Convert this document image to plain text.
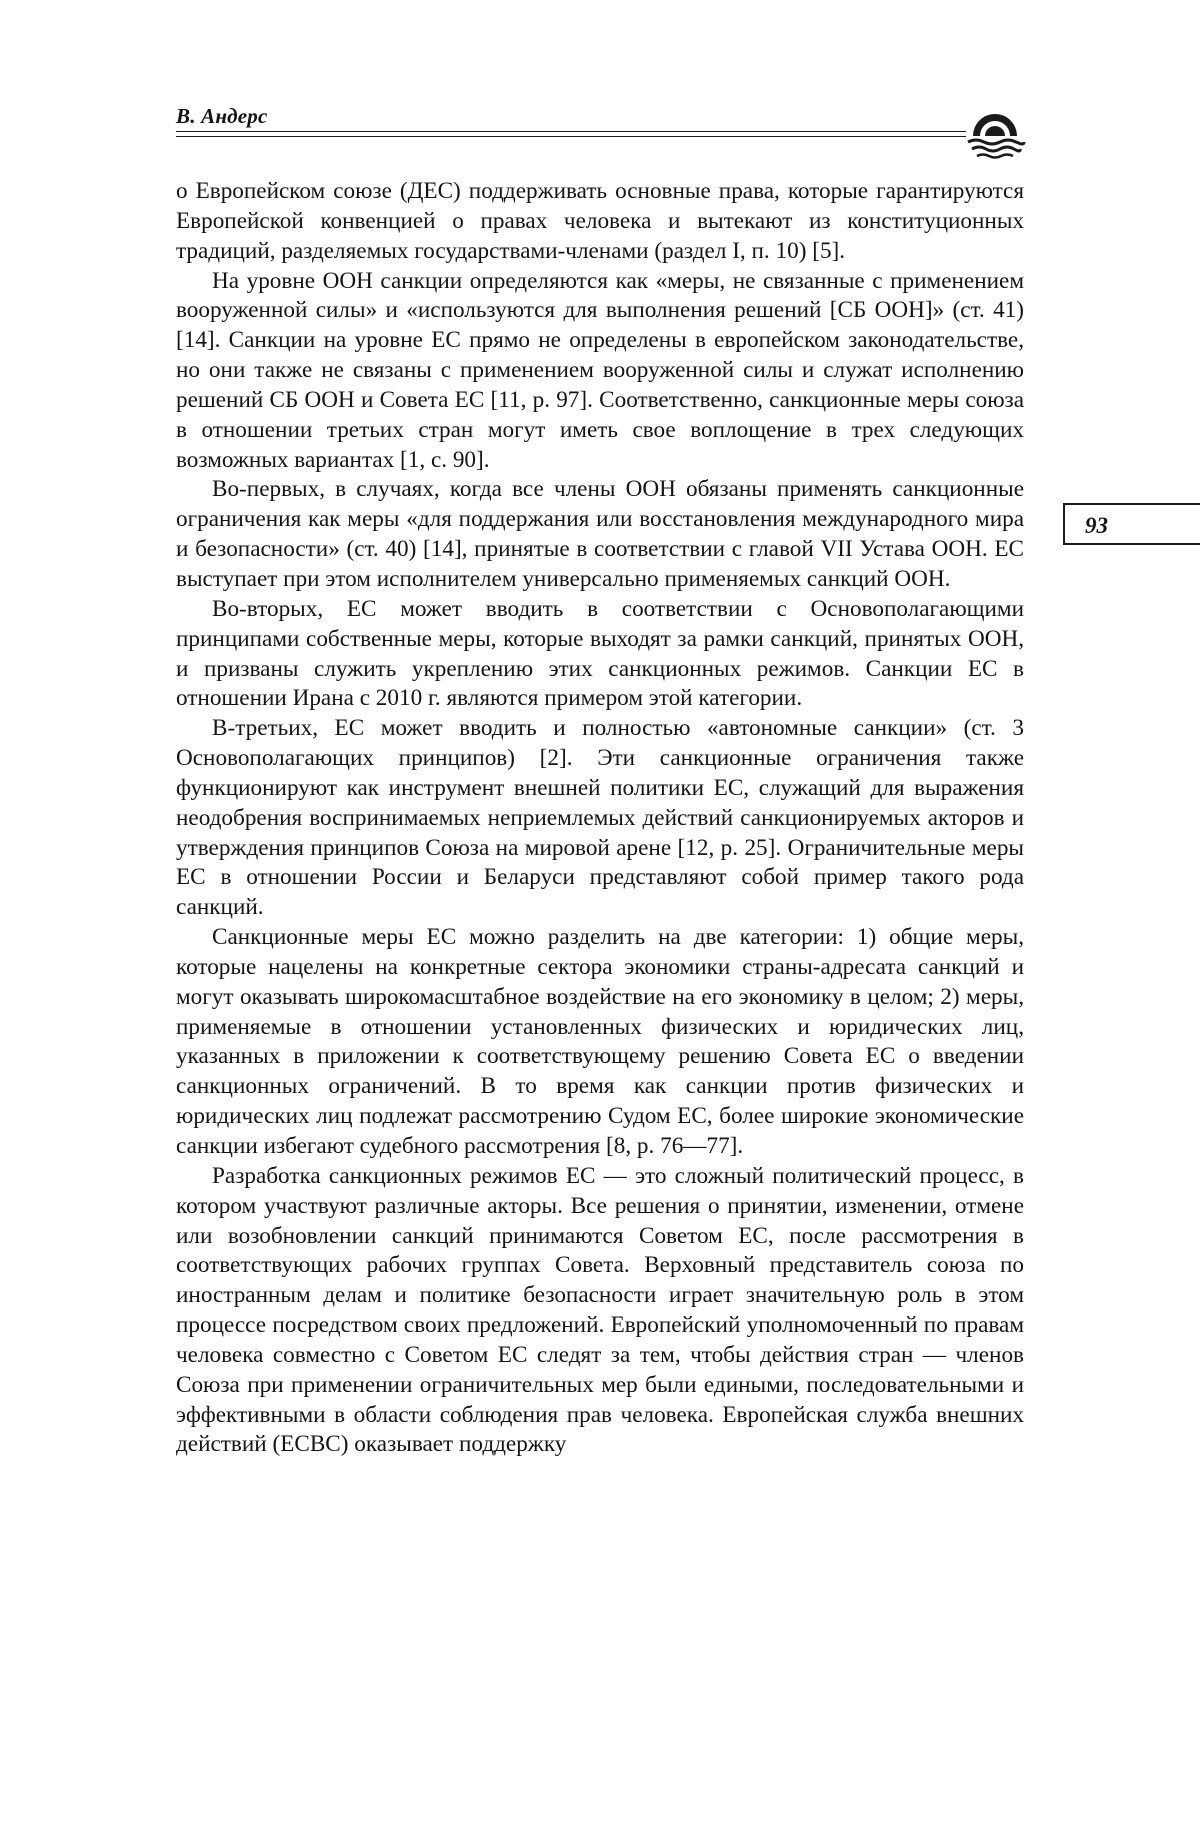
В. Андерс
93

о Европейском союзе (ДЕС) поддерживать основные права, которые гарантируются Европейской конвенцией о правах человека и вытекают из конституционных традиций, разделяемых государствами-членами (раздел I, п. 10) [5].

На уровне ООН санкции определяются как «меры, не связанные с применением вооруженной силы» и «используются для выполнения решений [СБ ООН]» (ст. 41) [14]. Санкции на уровне ЕС прямо не определены в европейском законодательстве, но они также не связаны с применением вооруженной силы и служат исполнению решений СБ ООН и Совета ЕС [11, p. 97]. Соответственно, санкционные меры союза в отношении третьих стран могут иметь свое воплощение в трех следующих возможных вариантах [1, c. 90].

Во-первых, в случаях, когда все члены ООН обязаны применять санкционные ограничения как меры «для поддержания или восстановления международного мира и безопасности» (ст. 40) [14], принятые в соответствии с главой VII Устава ООН. ЕС выступает при этом исполнителем универсально применяемых санкций ООН.

Во-вторых, ЕС может вводить в соответствии с Основополагающими принципами собственные меры, которые выходят за рамки санкций, принятых ООН, и призваны служить укреплению этих санкционных режимов. Санкции ЕС в отношении Ирана с 2010 г. являются примером этой категории.

В-третьих, ЕС может вводить и полностью «автономные санкции» (ст. 3 Основополагающих принципов) [2]. Эти санкционные ограничения также функционируют как инструмент внешней политики ЕС, служащий для выражения неодобрения воспринимаемых неприемлемых действий санкционируемых акторов и утверждения принципов Союза на мировой арене [12, p. 25]. Ограничительные меры ЕС в отношении России и Беларуси представляют собой пример такого рода санкций.

Санкционные меры ЕС можно разделить на две категории: 1) общие меры, которые нацелены на конкретные сектора экономики страны-адресата санкций и могут оказывать широкомасштабное воздействие на его экономику в целом; 2) меры, применяемые в отношении установленных физических и юридических лиц, указанных в приложении к соответствующему решению Совета ЕС о введении санкционных ограничений. В то время как санкции против физических и юридических лиц подлежат рассмотрению Судом ЕС, более широкие экономические санкции избегают судебного рассмотрения [8, p. 76—77].

Разработка санкционных режимов ЕС — это сложный политический процесс, в котором участвуют различные акторы. Все решения о принятии, изменении, отмене или возобновлении санкций принимаются Советом ЕС, после рассмотрения в соответствующих рабочих группах Совета. Верховный представитель союза по иностранным делам и политике безопасности играет значительную роль в этом процессе посредством своих предложений. Европейский уполномоченный по правам человека совместно с Советом ЕС следят за тем, чтобы действия стран — членов Союза при применении ограничительных мер были едиными, последовательными и эффективными в области соблюдения прав человека. Европейская служба внешних действий (ЕСВС) оказывает поддержку
